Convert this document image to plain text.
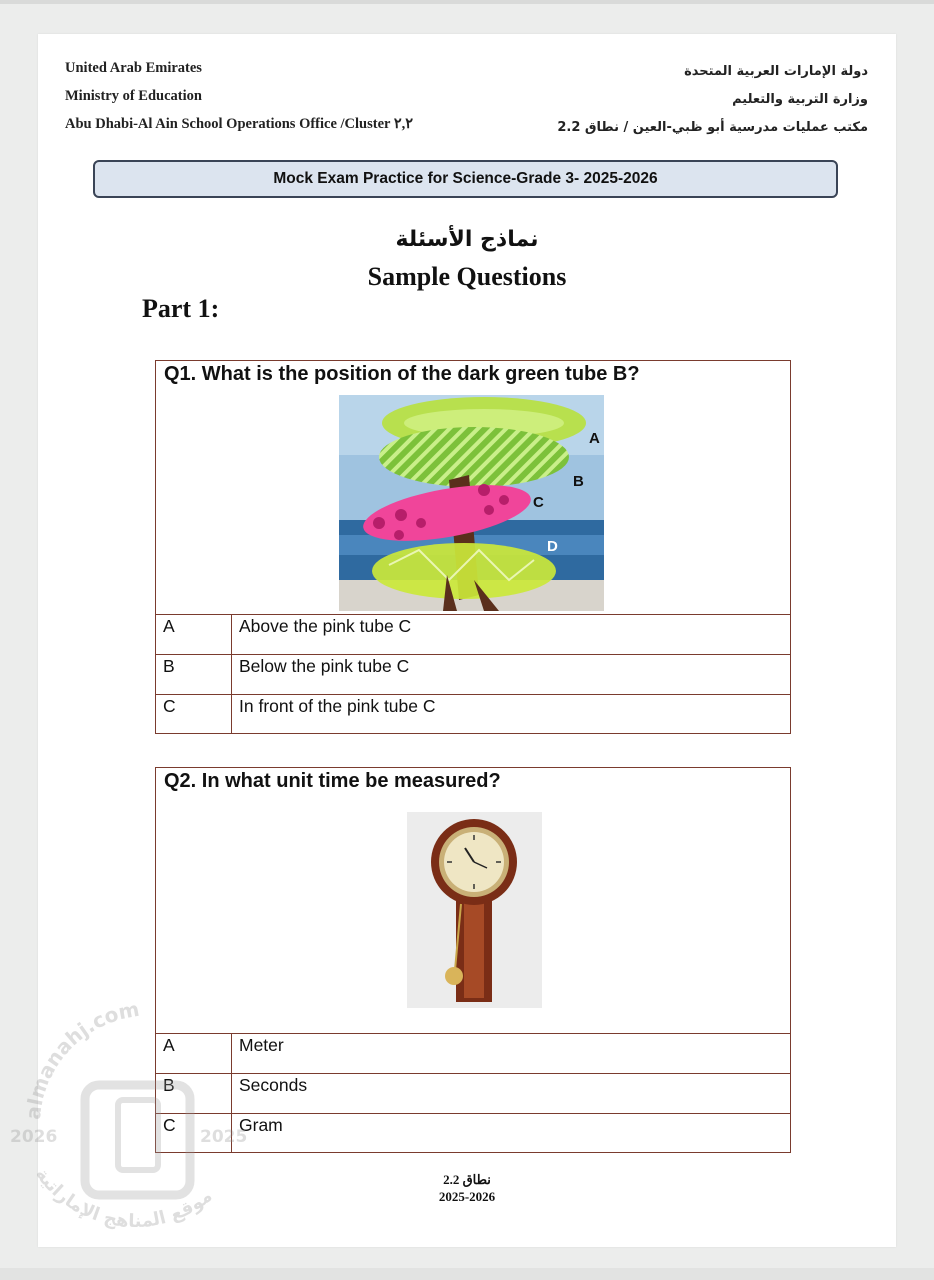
United Arab Emirates
Ministry of Education
Abu Dhabi-Al Ain School Operations Office /Cluster ٢,٢
دولة الإمارات العربية المتحدة
وزارة التربية والتعليم
مكتب عمليات مدرسية أبو ظبي-العين / نطاق 2.2
Mock Exam Practice for Science-Grade 3- 2025-2026
نماذج الأسئلة
Sample Questions
Part 1:
Q1. What is the position of the dark green tube B?
A
B
C
D
A	Above the pink tube C
B	Below the pink tube C
C	In front of the pink tube C
Q2. In what unit time be measured?
A	Meter
B	Seconds
C	Gram
نطاق 2.2
2025-2026
almanahj.com
2026	2025
موقع المناهج الإماراتية
